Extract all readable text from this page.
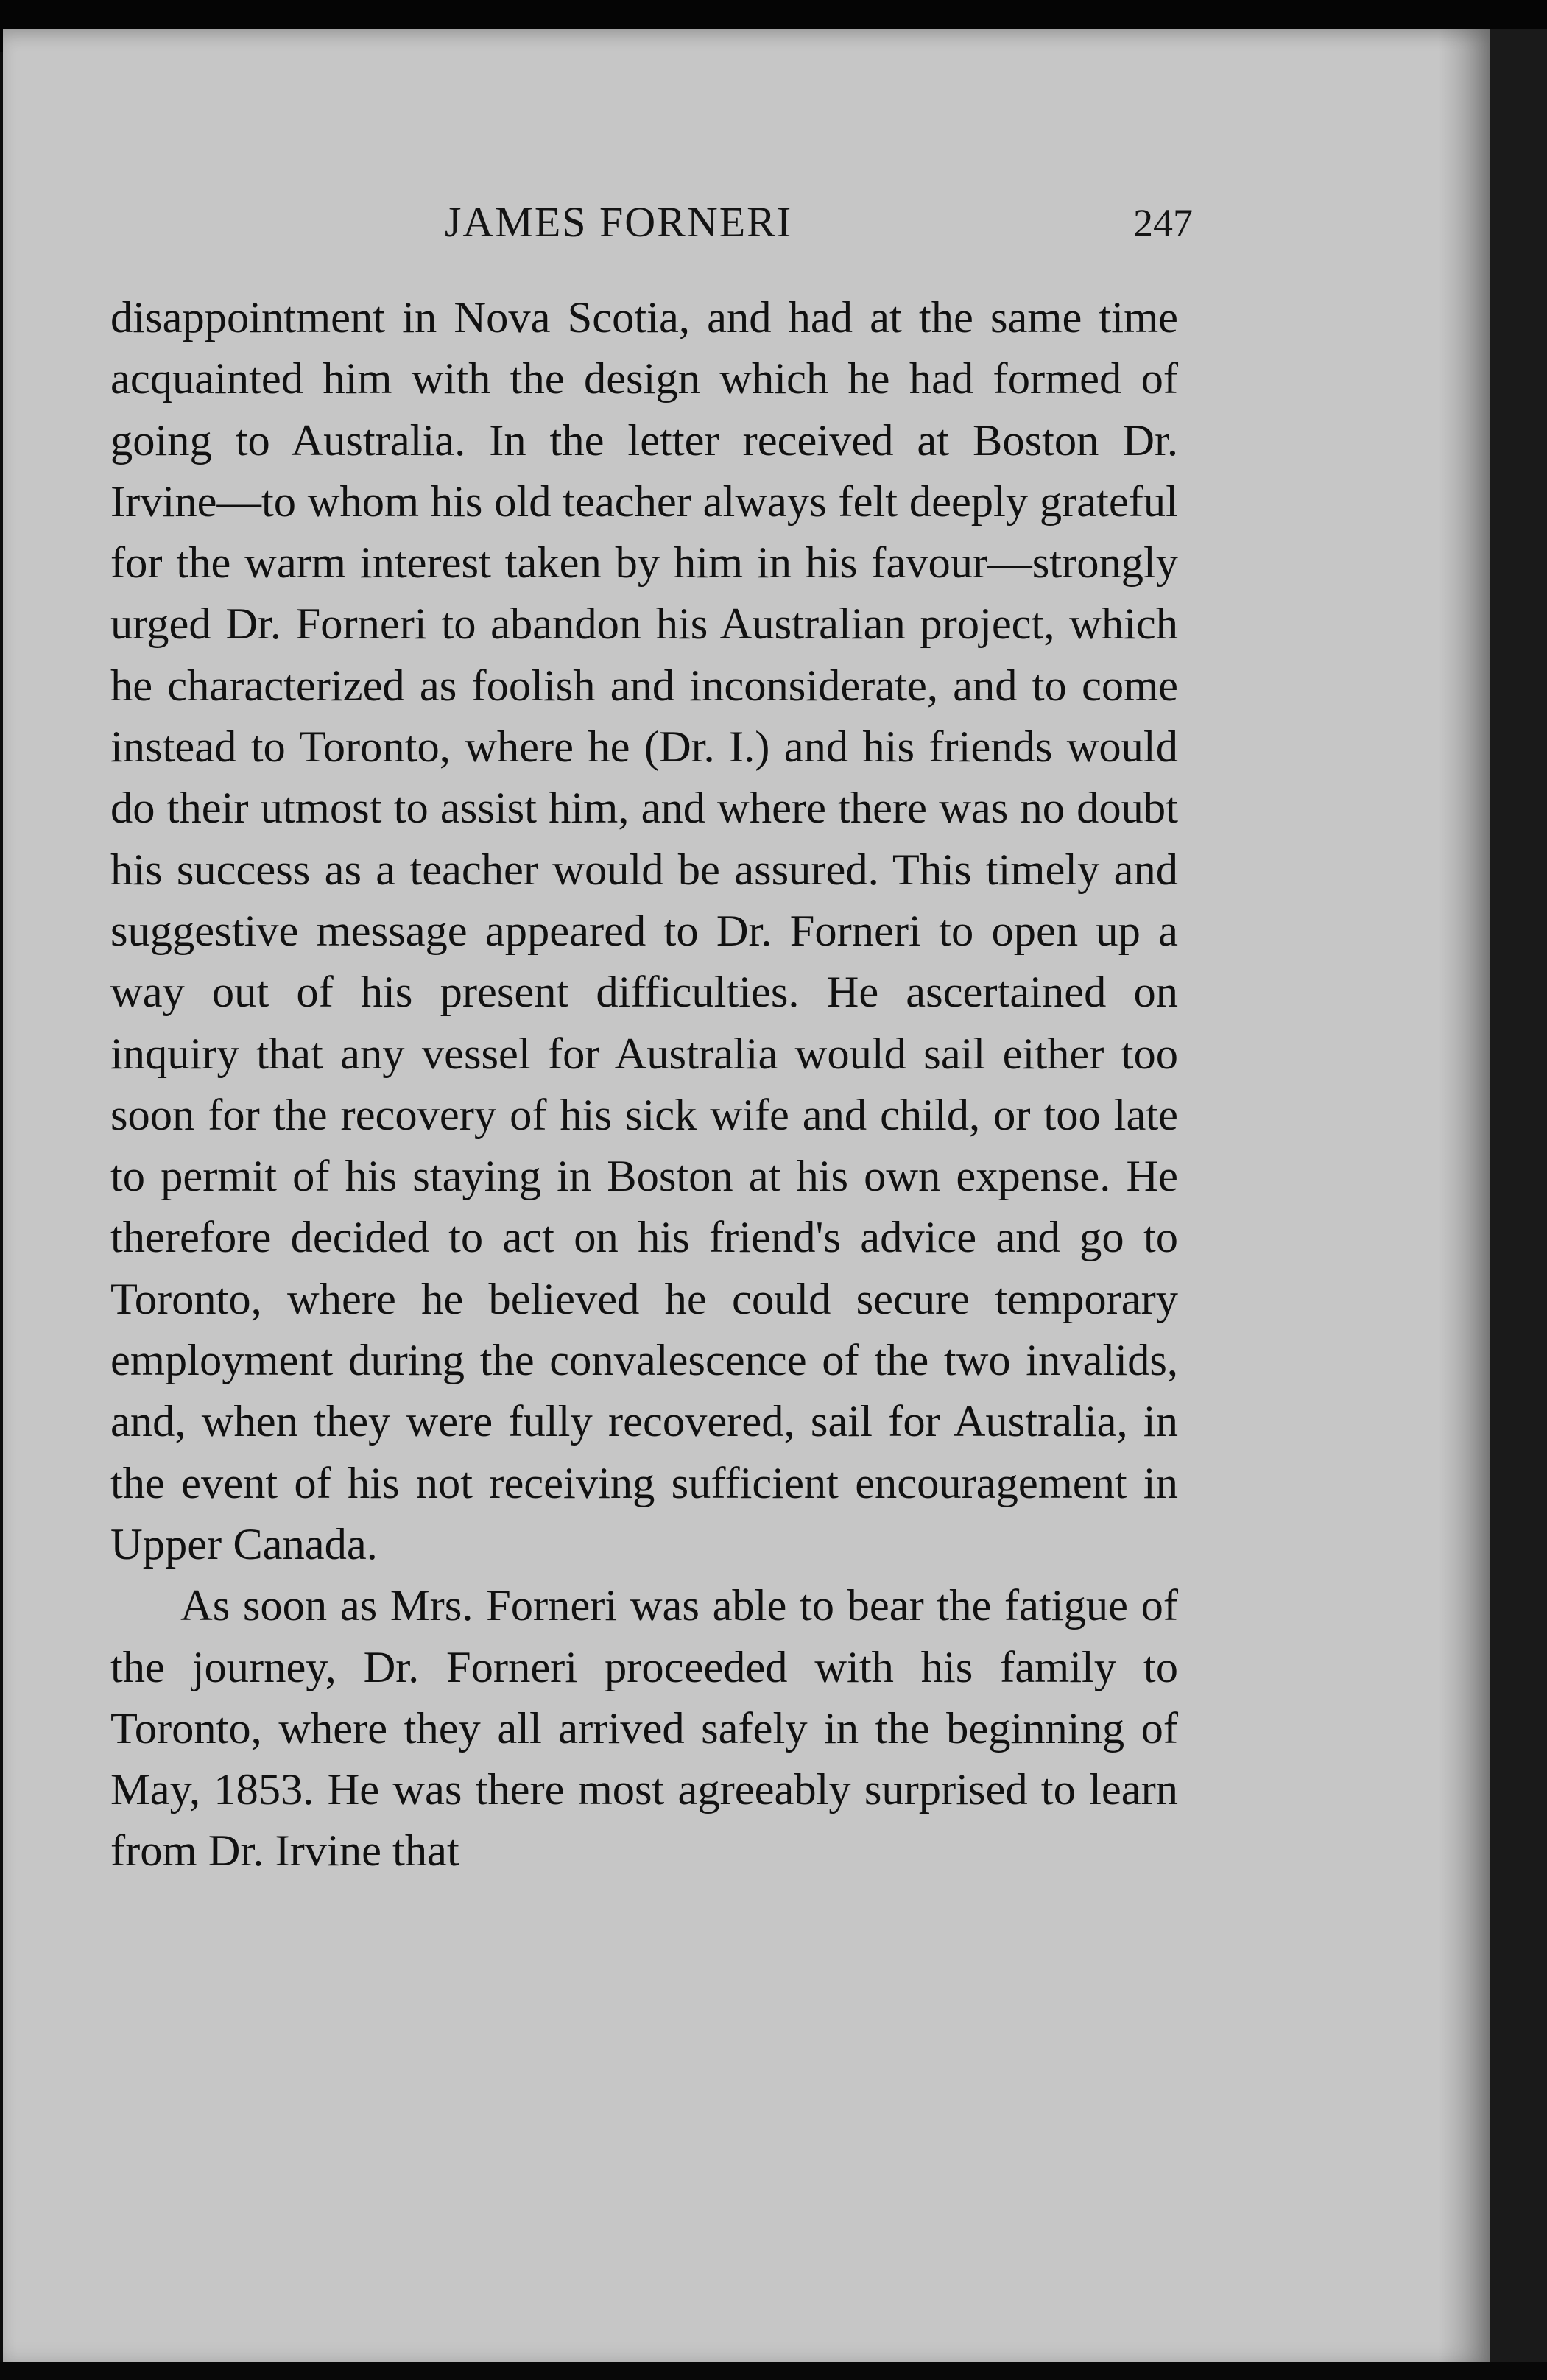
JAMES FORNERI	247

disappointment in Nova Scotia, and had at the same time acquainted him with the design which he had formed of going to Australia. In the letter received at Boston Dr. Irvine—to whom his old teacher always felt deeply grateful for the warm interest taken by him in his favour—strongly urged Dr. Forneri to abandon his Australian project, which he characterized as foolish and inconsiderate, and to come instead to Toronto, where he (Dr. I.) and his friends would do their utmost to assist him, and where there was no doubt his success as a teacher would be assured. This timely and suggestive message appeared to Dr. Forneri to open up a way out of his present difficulties. He ascertained on inquiry that any vessel for Australia would sail either too soon for the recovery of his sick wife and child, or too late to permit of his staying in Boston at his own expense. He therefore decided to act on his friend's advice and go to Toronto, where he believed he could secure temporary employment during the convalescence of the two invalids, and, when they were fully recovered, sail for Australia, in the event of his not receiving sufficient encouragement in Upper Canada.

As soon as Mrs. Forneri was able to bear the fatigue of the journey, Dr. Forneri proceeded with his family to Toronto, where they all arrived safely in the beginning of May, 1853. He was there most agreeably surprised to learn from Dr. Irvine that
